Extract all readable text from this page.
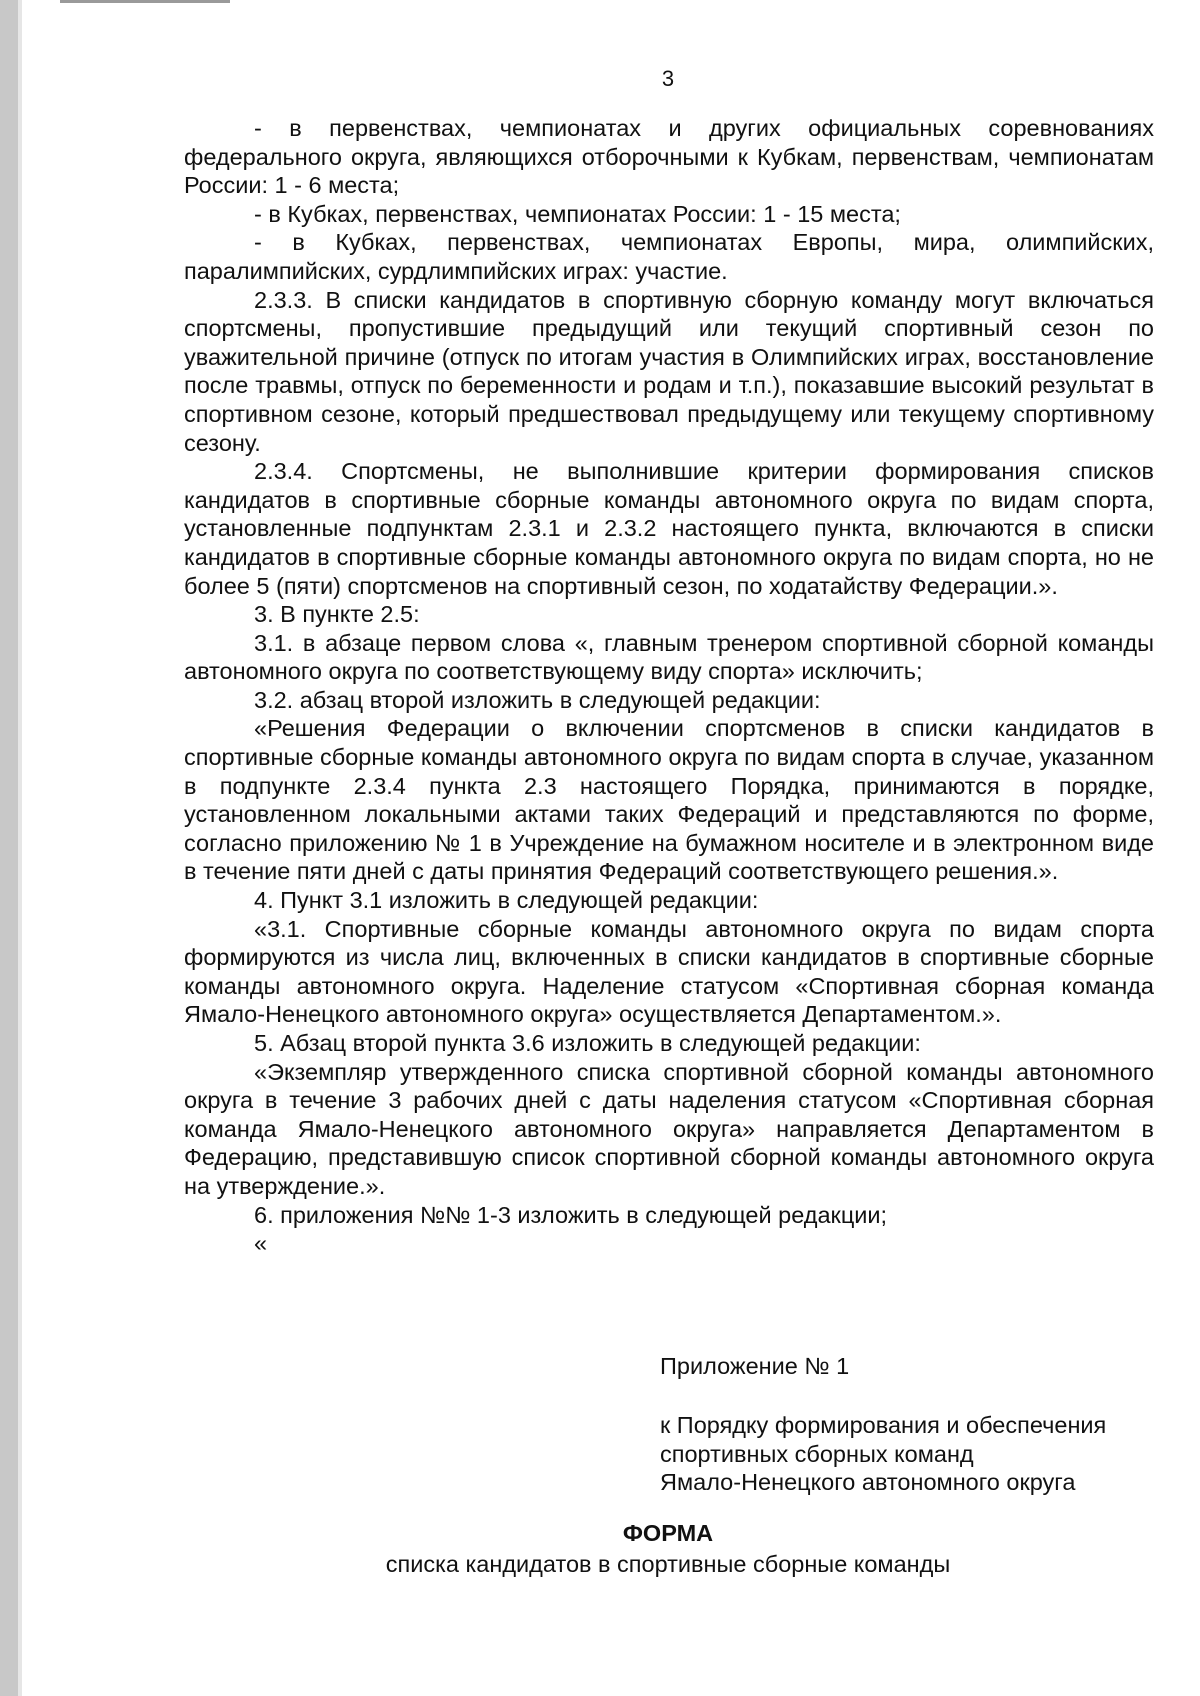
3

- в первенствах, чемпионатах и других официальных соревнованиях федерального округа, являющихся отборочными к Кубкам, первенствам, чемпионатам России: 1 - 6 места;

- в Кубках, первенствах, чемпионатах России: 1 - 15 места;

- в Кубках, первенствах, чемпионатах Европы, мира, олимпийских, паралимпийских, сурдлимпийских играх: участие.

2.3.3. В списки кандидатов в спортивную сборную команду могут включаться спортсмены, пропустившие предыдущий или текущий спортивный сезон по уважительной причине (отпуск по итогам участия в Олимпийских играх, восстановление после травмы, отпуск по беременности и родам и т.п.), показавшие высокий результат в спортивном сезоне, который предшествовал предыдущему или текущему спортивному сезону.

2.3.4. Спортсмены, не выполнившие критерии формирования списков кандидатов в спортивные сборные команды автономного округа по видам спорта, установленные подпунктам 2.3.1 и 2.3.2 настоящего пункта, включаются в списки кандидатов в спортивные сборные команды автономного округа по видам спорта, но не более 5 (пяти) спортсменов на спортивный сезон, по ходатайству Федерации.».

3. В пункте 2.5:

3.1. в абзаце первом слова «, главным тренером спортивной сборной команды автономного округа по соответствующему виду спорта» исключить;

3.2. абзац второй изложить в следующей редакции:

«Решения Федерации о включении спортсменов в списки кандидатов в спортивные сборные команды автономного округа по видам спорта в случае, указанном в подпункте 2.3.4 пункта 2.3 настоящего Порядка, принимаются в порядке, установленном локальными актами таких Федераций и представляются по форме, согласно приложению № 1 в Учреждение на бумажном носителе и в электронном виде в течение пяти дней с даты принятия Федераций соответствующего решения.».

4. Пункт 3.1 изложить в следующей редакции:

«3.1. Спортивные сборные команды автономного округа по видам спорта формируются из числа лиц, включенных в списки кандидатов в спортивные сборные команды автономного округа. Наделение статусом «Спортивная сборная команда Ямало-Ненецкого автономного округа» осуществляется Департаментом.».

5. Абзац второй пункта 3.6 изложить в следующей редакции:

«Экземпляр утвержденного списка спортивной сборной команды автономного округа в течение 3 рабочих дней с даты наделения статусом «Спортивная сборная команда Ямало-Ненецкого автономного округа» направляется Департаментом в Федерацию, представившую список спортивной сборной команды автономного округа на утверждение.».

6. приложения №№ 1-3 изложить в следующей редакции;

«

Приложение № 1
к Порядку формирования и обеспечения
спортивных сборных команд
Ямало-Ненецкого автономного округа
ФОРМА
списка кандидатов в спортивные сборные команды
